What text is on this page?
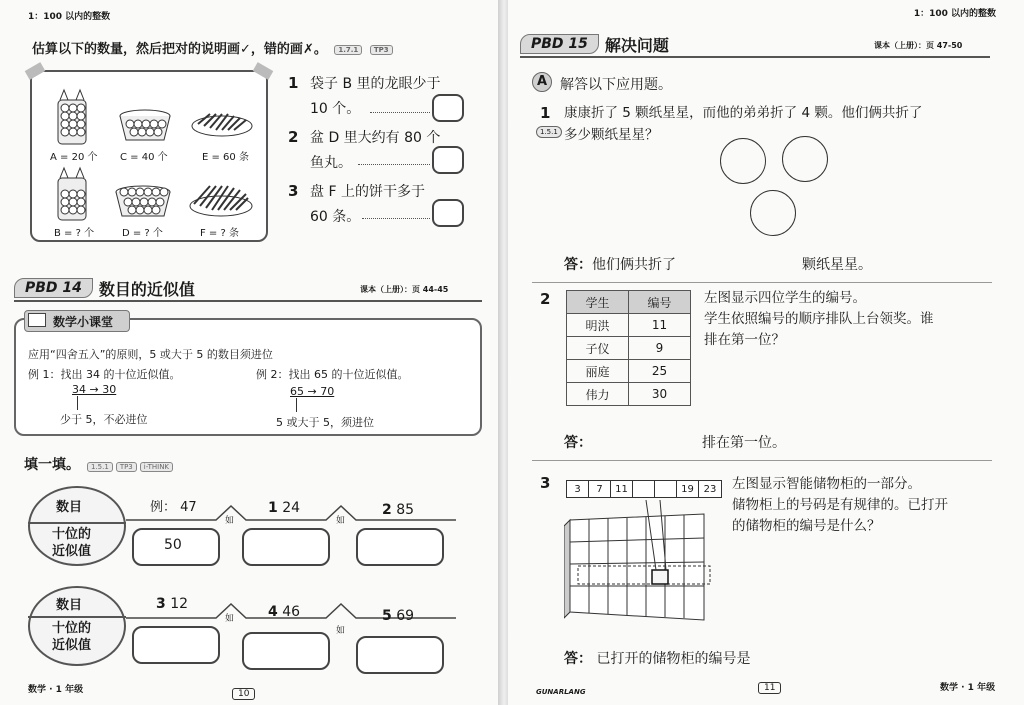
1：100 以内的整数
估算以下的数量，然后把对的说明画✓，错的画✗。 1.7.1 TP3
A = 20 个 C = 40 个	E = 60 条
B = ? 个	D = ? 个	F = ? 条
1 袋子 B 里的龙眼少于
10 个。
2 盆 D 里大约有 80 个
鱼丸。
3 盘 F 上的饼干多于
60 条。
PBD 14	数目的近似值	课本（上册）：页 44-45
数学小课堂
应用“四舍五入”的原则，5 或大于 5 的数目须进位
例 1：找出 34 的十位近似值。
34 → 30
少于 5，不必进位
例 2：找出 65 的十位近似值。
65 → 70
5 或大于 5，须进位
填一填。	1.5.1 TP3 i-THINK
数目
十位的
近似值
如	如
例： 47
50
1 24	2 85
数目
十位的
近似值
如
如
3 12	4 46	5 69
数学 · 1 年级	10
1：100 以内的整数
PBD 15	解决问题	课本（上册）：页 47-50
A 解答以下应用题。
1
1.5.1
康康折了 5 颗纸星星，而他的弟弟折了 4 颗。他们俩共折了
多少颗纸星星？
答：他们俩共折了	颗纸星星。
2	学生	编号
明洪	11
子仪	9
丽庭	25
伟力	30
左图显示四位学生的编号。
学生依照编号的顺序排队上台领奖。谁
排在第一位？
答：	排在第一位。
3	3	7	11	19 23	左图显示智能储物柜的一部分。
储物柜上的号码是有规律的。已打开
的储物柜的编号是什么？
答： 已打开的储物柜的编号是
GUNARLANG	11	数学 · 1 年级
